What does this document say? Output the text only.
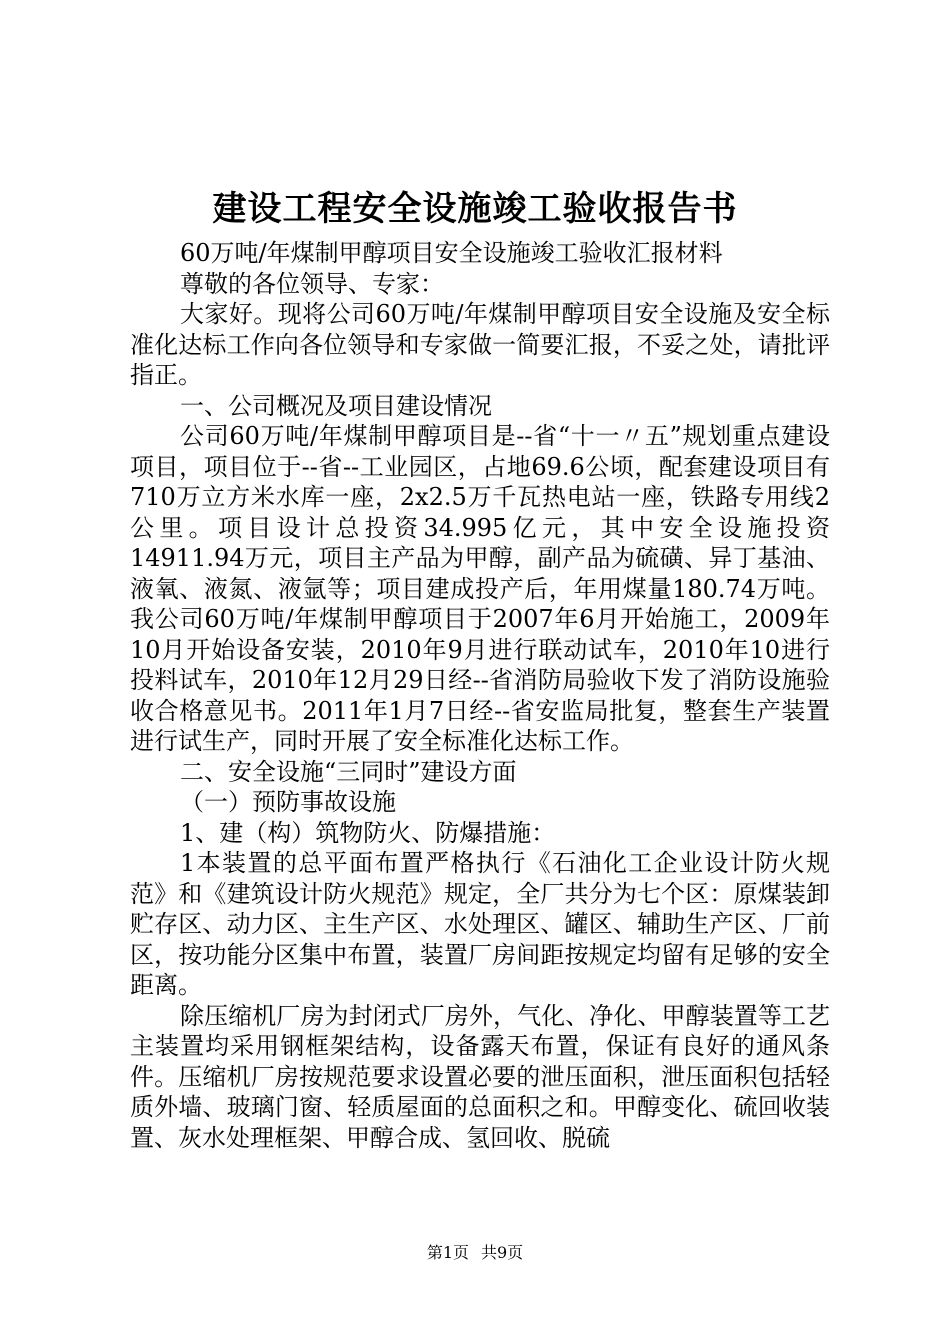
建设工程安全设施竣工验收报告书

60万吨/年煤制甲醇项目安全设施竣工验收汇报材料

尊敬的各位领导、专家：

大家好。现将公司60万吨/年煤制甲醇项目安全设施及安全标准化达标工作向各位领导和专家做一简要汇报，不妥之处，请批评指正。

一、公司概况及项目建设情况

公司60万吨/年煤制甲醇项目是--省“十一〃五”规划重点建设项目，项目位于--省--工业园区，占地69.6公顷，配套建设项目有710万立方米水库一座，2x2.5万千瓦热电站一座，铁路专用线2公里。项目设计总投资34.995亿元，其中安全设施投资14911.94万元，项目主产品为甲醇，副产品为硫磺、异丁基油、液氧、液氮、液氩等；项目建成投产后，年用煤量180.74万吨。我公司60万吨/年煤制甲醇项目于2007年6月开始施工，2009年10月开始设备安装，2010年9月进行联动试车，2010年10进行投料试车，2010年12月29日经--省消防局验收下发了消防设施验收合格意见书。2011年1月7日经--省安监局批复，整套生产装置进行试生产，同时开展了安全标准化达标工作。

二、安全设施“三同时”建设方面

（一）预防事故设施

1、建（构）筑物防火、防爆措施：

1本装置的总平面布置严格执行《石油化工企业设计防火规范》和《建筑设计防火规范》规定，全厂共分为七个区：原煤装卸贮存区、动力区、主生产区、水处理区、罐区、辅助生产区、厂前区，按功能分区集中布置，装置厂房间距按规定均留有足够的安全距离。

除压缩机厂房为封闭式厂房外，气化、净化、甲醇装置等工艺主装置均采用钢框架结构，设备露天布置，保证有良好的通风条件。压缩机厂房按规范要求设置必要的泄压面积，泄压面积包括轻质外墙、玻璃门窗、轻质屋面的总面积之和。甲醇变化、硫回收装置、灰水处理框架、甲醇合成、氢回收、脱硫

第1页 共9页
